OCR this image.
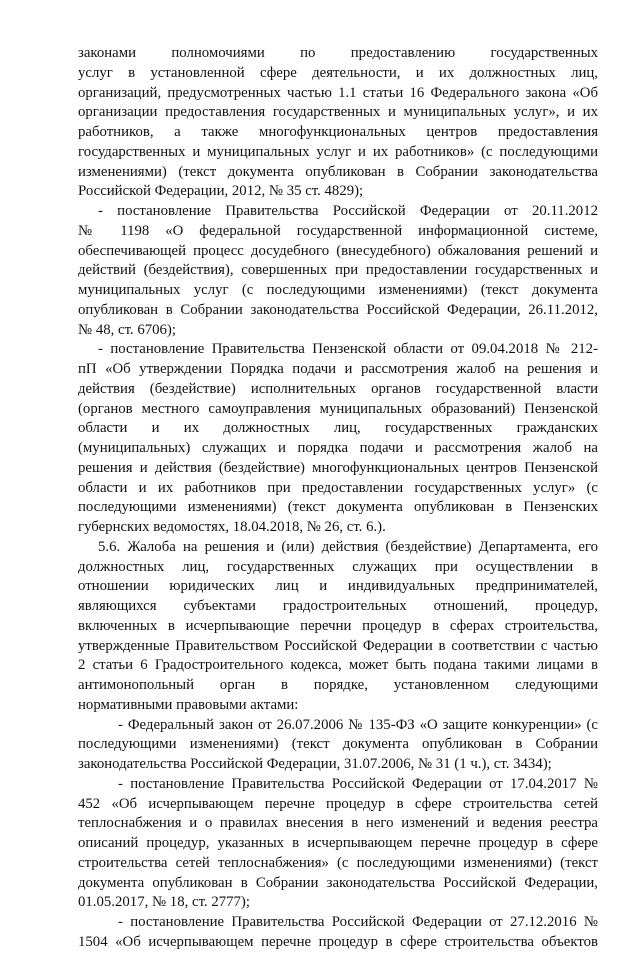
законами полномочиями по предоставлению государственных
услуг в установленной сфере деятельности, и их должностных лиц,
организаций, предусмотренных частью 1.1 статьи 16 Федерального закона «Об
организации предоставления государственных и муниципальных услуг», и их
работников, а также многофункциональных центров предоставления
государственных и муниципальных услуг и их работников» (с последующими
изменениями) (текст документа опубликован в Собрании законодательства
Российской Федерации, 2012, № 35 ст. 4829);
- постановление Правительства Российской Федерации от 20.11.2012
№ 1198 «О федеральной государственной информационной системе,
обеспечивающей процесс досудебного (внесудебного) обжалования решений и
действий (бездействия), совершенных при предоставлении государственных и
муниципальных услуг (с последующими изменениями) (текст документа
опубликован в Собрании законодательства Российской Федерации, 26.11.2012,
№ 48, ст. 6706);
- постановление Правительства Пензенской области от 09.04.2018 № 212-
пП «Об утверждении Порядка подачи и рассмотрения жалоб на решения и
действия (бездействие) исполнительных органов государственной власти
(органов местного самоуправления муниципальных образований) Пензенской
области и их должностных лиц, государственных гражданских
(муниципальных) служащих и порядка подачи и рассмотрения жалоб на
решения и действия (бездействие) многофункциональных центров Пензенской
области и их работников при предоставлении государственных услуг» (с
последующими изменениями) (текст документа опубликован в Пензенских
губернских ведомостях, 18.04.2018, № 26, ст. 6.).
5.6. Жалоба на решения и (или) действия (бездействие) Департамента, его
должностных лиц, государственных служащих при осуществлении в
отношении юридических лиц и индивидуальных предпринимателей,
являющихся субъектами градостроительных отношений, процедур,
включенных в исчерпывающие перечни процедур в сферах строительства,
утвержденные Правительством Российской Федерации в соответствии с частью
2 статьи 6 Градостроительного кодекса, может быть подана такими лицами в
антимонопольный орган в порядке, установленном следующими
нормативными правовыми актами:
- Федеральный закон от 26.07.2006 № 135-ФЗ «О защите конкуренции» (с
последующими изменениями) (текст документа опубликован в Собрании
законодательства Российской Федерации, 31.07.2006, № 31 (1 ч.), ст. 3434);
- постановление Правительства Российской Федерации от 17.04.2017 №
452 «Об исчерпывающем перечне процедур в сфере строительства сетей
теплоснабжения и о правилах внесения в него изменений и ведения реестра
описаний процедур, указанных в исчерпывающем перечне процедур в сфере
строительства сетей теплоснабжения» (с последующими изменениями) (текст
документа опубликован в Собрании законодательства Российской Федерации,
01.05.2017, № 18, ст. 2777);
- постановление Правительства Российской Федерации от 27.12.2016 №
1504 «Об исчерпывающем перечне процедур в сфере строительства объектов
